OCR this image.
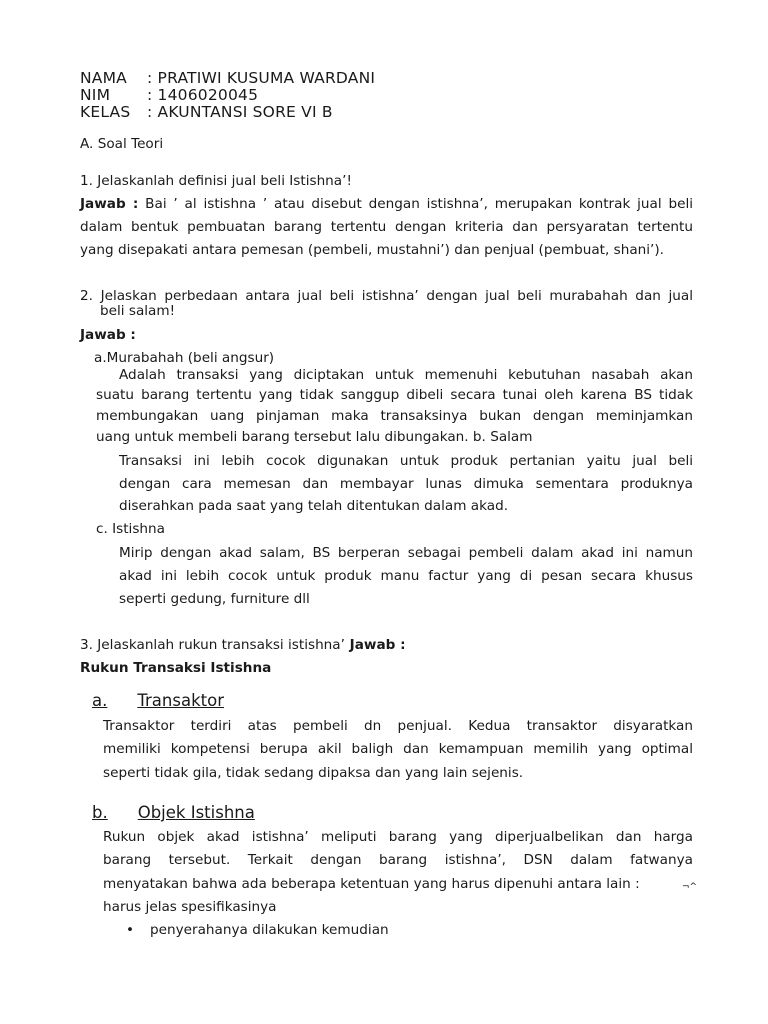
NAMA : PRATIWI KUSUMA WARDANI
NIM : 1406020045
KELAS : AKUNTANSI SORE VI B
A. Soal Teori
1. Jelaskanlah definisi jual beli Istishna’!
Jawab : Bai ’ al istishna ’ atau disebut dengan istishna’, merupakan kontrak jual beli
dalam bentuk pembuatan barang tertentu dengan kriteria dan persyaratan tertentu
yang disepakati antara pemesan (pembeli, mustahni’) dan penjual (pembuat, shani’).
2. Jelaskan perbedaan antara jual beli istishna’ dengan jual beli murabahah dan jual
beli salam!
Jawab :
a.Murabahah (beli angsur)
Adalah transaksi yang diciptakan untuk memenuhi kebutuhan nasabah akan
suatu barang tertentu yang tidak sanggup dibeli secara tunai oleh karena BS tidak
membungakan uang pinjaman maka transaksinya bukan dengan meminjamkan
uang untuk membeli barang tersebut lalu dibungakan. b. Salam
Transaksi ini lebih cocok digunakan untuk produk pertanian yaitu jual beli
dengan cara memesan dan membayar lunas dimuka sementara produknya
diserahkan pada saat yang telah ditentukan dalam akad.
c. Istishna
Mirip dengan akad salam, BS berperan sebagai pembeli dalam akad ini namun
akad ini lebih cocok untuk produk manu factur yang di pesan secara khusus
seperti gedung, furniture dll
3. Jelaskanlah rukun transaksi istishna’ Jawab :
Rukun Transaksi Istishna
a. Transaktor
Transaktor terdiri atas pembeli dn penjual. Kedua transaktor disyaratkan
memiliki kompetensi berupa akil baligh dan kemampuan memilih yang optimal
seperti tidak gila, tidak sedang dipaksa dan yang lain sejenis.
b. Objek Istishna
Rukun objek akad istishna’ meliputi barang yang diperjualbelikan dan harga
barang tersebut. Terkait dengan barang istishna’, DSN dalam fatwanya
menyatakan bahwa ada beberapa ketentuan yang harus dipenuhi antara lain :	¬^
harus jelas spesifikasinya
• penyerahanya dilakukan kemudian
